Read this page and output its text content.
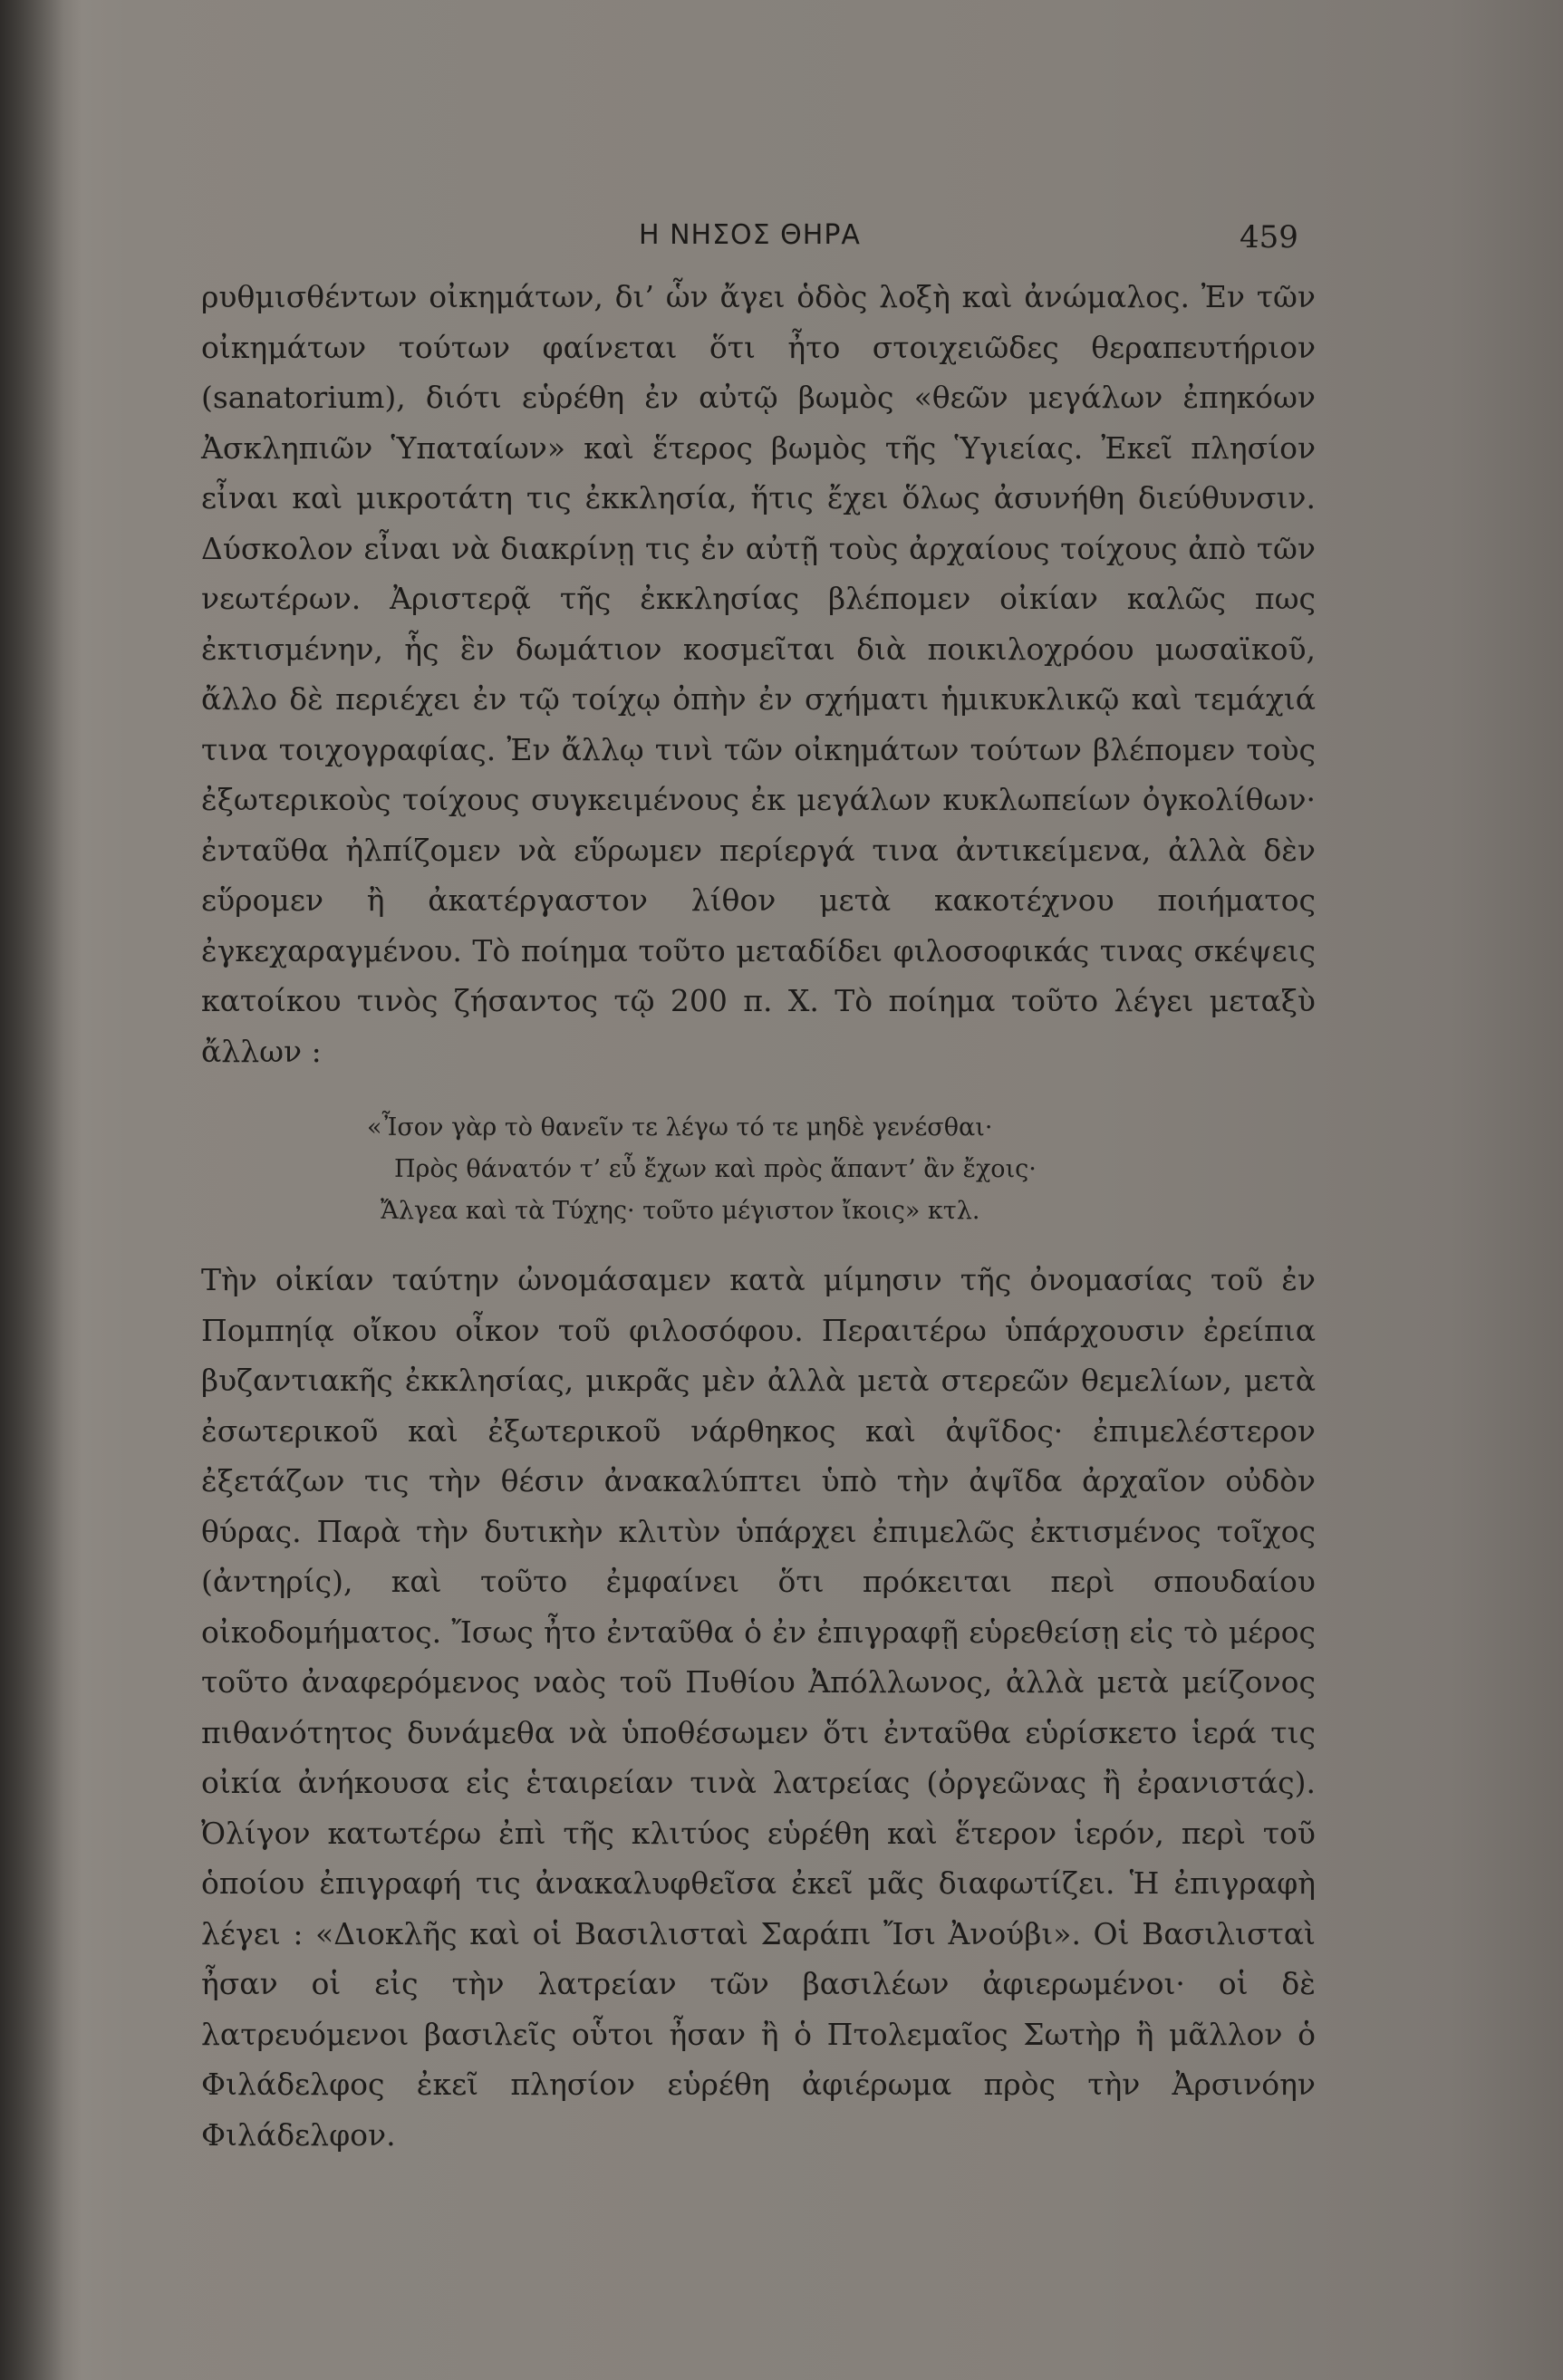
Η ΝΗΣΟΣ ΘΗΡΑ	459

ρυθμισθέντων οἰκημάτων, δι’ ὧν ἄγει ὁδὸς λοξὴ καὶ ἀνώμαλος. Ἐν τῶν οἰκημάτων τούτων φαίνεται ὅτι ἦτο στοιχειῶδες θεραπευτήριον (sanatorium), διότι εὑρέθη ἐν αὐτῷ βωμὸς «θεῶν μεγάλων ἐπηκόων Ἀσκληπιῶν Ὑπαταίων» καὶ ἕτερος βωμὸς τῆς Ὑγιείας. Ἐκεῖ πλησίον εἶναι καὶ μικροτάτη τις ἐκκλησία, ἥτις ἔχει ὅλως ἀσυνήθη διεύθυνσιν. Δύσκολον εἶναι νὰ διακρίνῃ τις ἐν αὐτῇ τοὺς ἀρχαίους τοίχους ἀπὸ τῶν νεωτέρων. Ἀριστερᾷ τῆς ἐκκλησίας βλέπομεν οἰκίαν καλῶς πως ἐκτισμένην, ἧς ἓν δωμάτιον κοσμεῖται διὰ ποικιλοχρόου μωσαϊκοῦ, ἄλλο δὲ περιέχει ἐν τῷ τοίχῳ ὀπὴν ἐν σχήματι ἡμικυκλικῷ καὶ τεμάχιά τινα τοιχογραφίας. Ἐν ἄλλῳ τινὶ τῶν οἰκημάτων τούτων βλέπομεν τοὺς ἐξωτερικοὺς τοίχους συγκειμένους ἐκ μεγάλων κυκλωπείων ὀγκολίθων· ἐνταῦθα ἠλπίζομεν νὰ εὕρωμεν περίεργά τινα ἀντικείμενα, ἀλλὰ δὲν εὕρομεν ἢ ἀκατέργαστον λίθον μετὰ κακοτέχνου ποιήματος ἐγκεχαραγμένου. Τὸ ποίημα τοῦτο μεταδίδει φιλοσοφικάς τινας σκέψεις κατοίκου τινὸς ζήσαντος τῷ 200 π. Χ. Τὸ ποίημα τοῦτο λέγει μεταξὺ ἄλλων :

«Ἶσον γὰρ τὸ θανεῖν τε λέγω τό τε μηδὲ γενέσθαι·
Πρὸς θάνατόν τ’ εὖ ἔχων καὶ πρὸς ἅπαντ’ ἂν ἔχοις·
Ἄλγεα καὶ τὰ Τύχης· τοῦτο μέγιστον ἴκοις» κτλ.

Τὴν οἰκίαν ταύτην ὠνομάσαμεν κατὰ μίμησιν τῆς ὀνομασίας τοῦ ἐν Πομπηίᾳ οἴκου οἶκον τοῦ φιλοσόφου. Περαιτέρω ὑπάρχουσιν ἐρείπια βυζαντιακῆς ἐκκλησίας, μικρᾶς μὲν ἀλλὰ μετὰ στερεῶν θεμελίων, μετὰ ἐσωτερικοῦ καὶ ἐξωτερικοῦ νάρθηκος καὶ ἀψῖδος· ἐπιμελέστερον ἐξετάζων τις τὴν θέσιν ἀνακαλύπτει ὑπὸ τὴν ἀψῖδα ἀρχαῖον οὐδὸν θύρας. Παρὰ τὴν δυτικὴν κλιτὺν ὑπάρχει ἐπιμελῶς ἐκτισμένος τοῖχος (ἀντηρίς), καὶ τοῦτο ἐμφαίνει ὅτι πρόκειται περὶ σπουδαίου οἰκοδομήματος. Ἴσως ἦτο ἐνταῦθα ὁ ἐν ἐπιγραφῇ εὑρεθείσῃ εἰς τὸ μέρος τοῦτο ἀναφερόμενος ναὸς τοῦ Πυθίου Ἀπόλλωνος, ἀλλὰ μετὰ μείζονος πιθανότητος δυνάμεθα νὰ ὑποθέσωμεν ὅτι ἐνταῦθα εὑρίσκετο ἱερά τις οἰκία ἀνήκουσα εἰς ἑταιρείαν τινὰ λατρείας (ὀργεῶνας ἢ ἐρανιστάς). Ὀλίγον κατωτέρω ἐπὶ τῆς κλιτύος εὑρέθη καὶ ἕτερον ἱερόν, περὶ τοῦ ὁποίου ἐπιγραφή τις ἀνακαλυφθεῖσα ἐκεῖ μᾶς διαφωτίζει. Ἡ ἐπιγραφὴ λέγει : «Διοκλῆς καὶ οἱ Βασιλισταὶ Σαράπι Ἴσι Ἀνούβι». Οἱ Βασιλισταὶ ἦσαν οἱ εἰς τὴν λατρείαν τῶν βασιλέων ἀφιερωμένοι· οἱ δὲ λατρευόμενοι βασιλεῖς οὗτοι ἦσαν ἢ ὁ Πτολεμαῖος Σωτὴρ ἢ μᾶλλον ὁ Φιλάδελφος ἐκεῖ πλησίον εὑρέθη ἀφιέρωμα πρὸς τὴν Ἀρσινόην Φιλάδελφον.
